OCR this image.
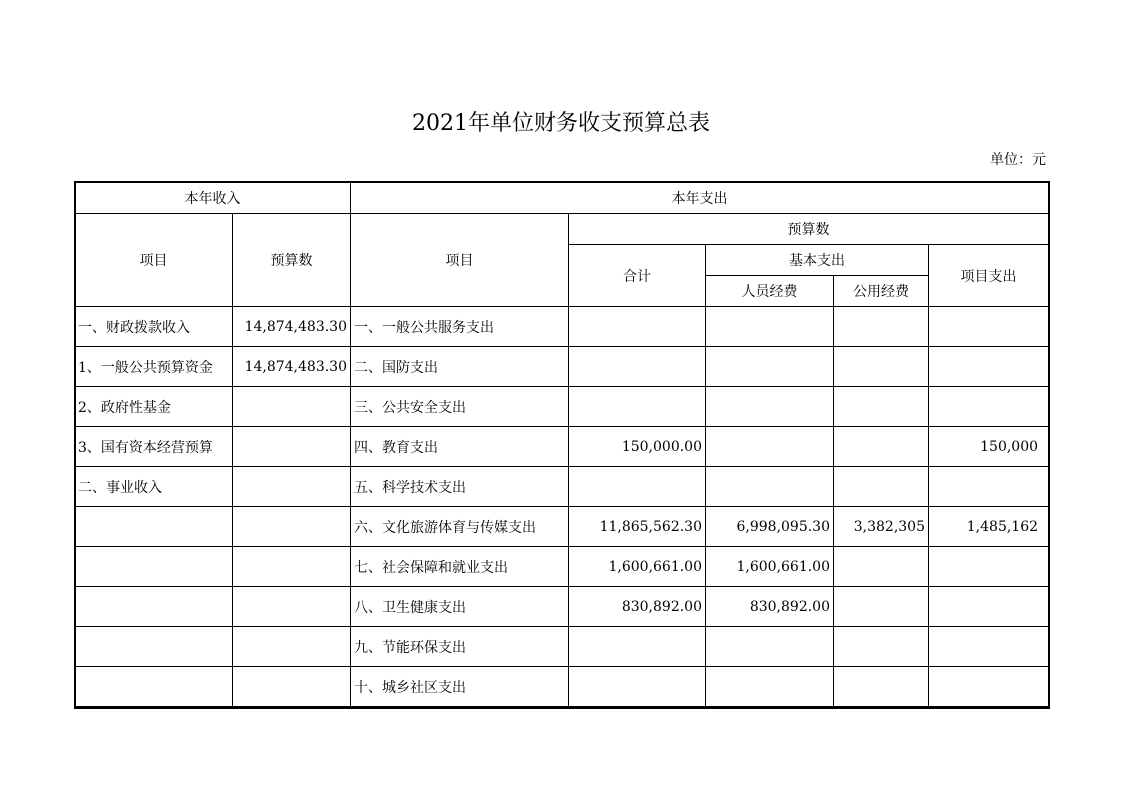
2021年单位财务收支预算总表
单位：元
本年收入		本年支出				
项目	预算数	项目	预算数			
			合计	基本支出		项目支出
				人员经费	公用经费	
一、财政拨款收入	14,874,483.30	一、一般公共服务支出				
1、一般公共预算资金	14,874,483.30	二、国防支出				
2、政府性基金		三、公共安全支出				
3、国有资本经营预算		四、教育支出	150,000.00			150,000
二、事业收入		五、科学技术支出				
		六、文化旅游体育与传媒支出	11,865,562.30	6,998,095.30	3,382,305	1,485,162
		七、社会保障和就业支出	1,600,661.00	1,600,661.00		
		八、卫生健康支出	830,892.00	830,892.00		
		九、节能环保支出				
		十、城乡社区支出				
